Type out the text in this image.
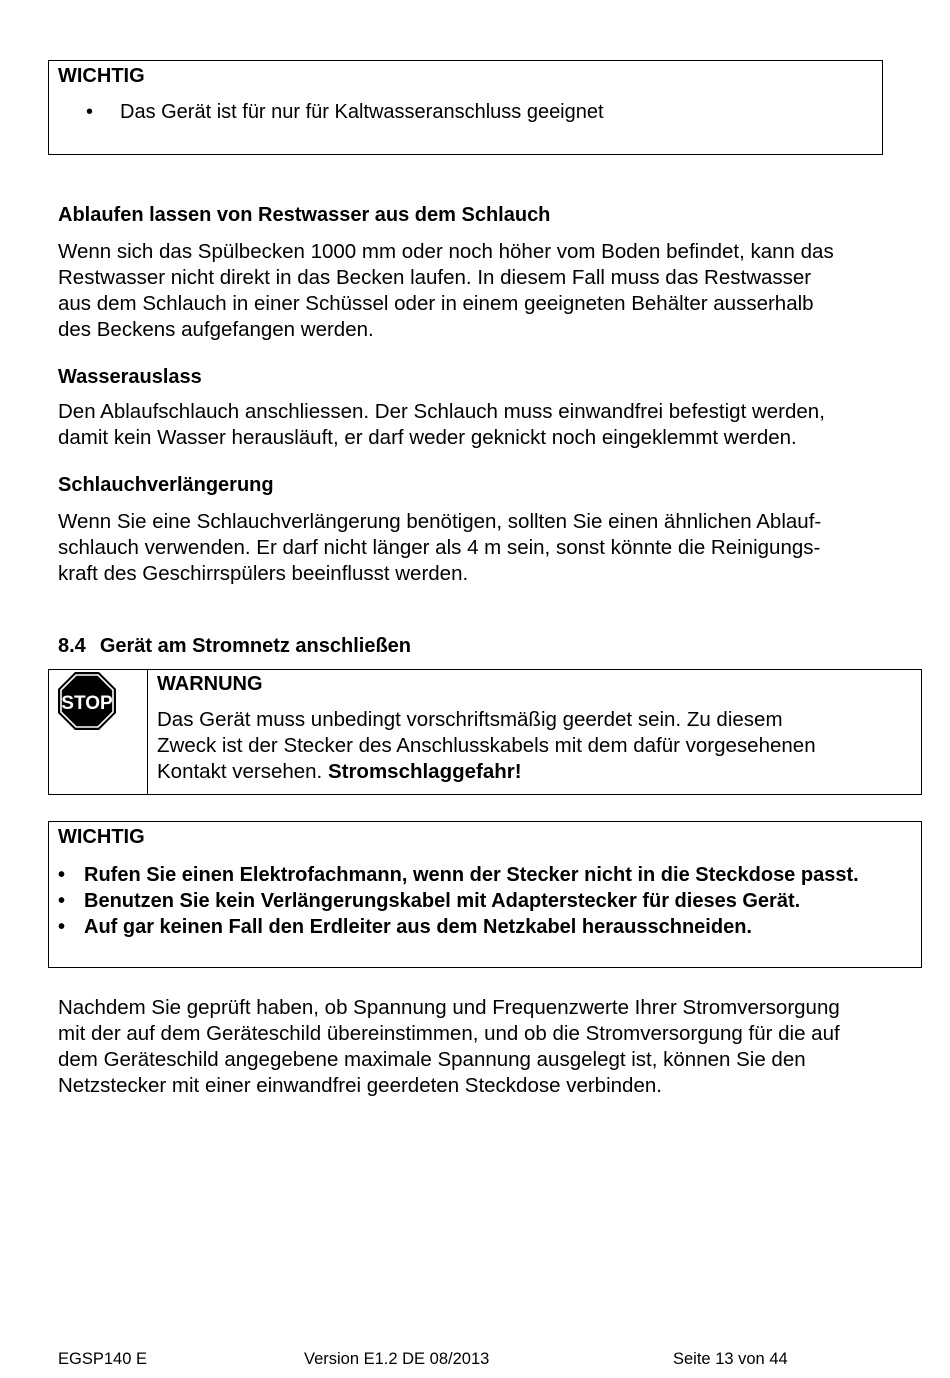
WICHTIG
• Das Gerät ist für nur für Kaltwasseranschluss geeignet
Ablaufen lassen von Restwasser aus dem Schlauch
Wenn sich das Spülbecken 1000 mm oder noch höher vom Boden befindet, kann das
Restwasser nicht direkt in das Becken laufen. In diesem Fall muss das Restwasser
aus dem Schlauch in einer Schüssel oder in einem geeigneten Behälter ausserhalb
des Beckens aufgefangen werden.
Wasserauslass
Den Ablaufschlauch anschliessen. Der Schlauch muss einwandfrei befestigt werden,
damit kein Wasser herausläuft, er darf weder geknickt noch eingeklemmt werden.
Schlauchverlängerung
Wenn Sie eine Schlauchverlängerung benötigen, sollten Sie einen ähnlichen Ablauf-
schlauch verwenden. Er darf nicht länger als 4 m sein, sonst könnte die Reinigungs-
kraft des Geschirrspülers beeinflusst werden.
8.4 Gerät am Stromnetz anschließen
STOP
WARNUNG
Das Gerät muss unbedingt vorschriftsmäßig geerdet sein. Zu diesem
Zweck ist der Stecker des Anschlusskabels mit dem dafür vorgesehenen
Kontakt versehen. Stromschlaggefahr!
WICHTIG
• Rufen Sie einen Elektrofachmann, wenn der Stecker nicht in die Steckdose passt.
• Benutzen Sie kein Verlängerungskabel mit Adapterstecker für dieses Gerät.
• Auf gar keinen Fall den Erdleiter aus dem Netzkabel herausschneiden.
Nachdem Sie geprüft haben, ob Spannung und Frequenzwerte Ihrer Stromversorgung
mit der auf dem Geräteschild übereinstimmen, und ob die Stromversorgung für die auf
dem Geräteschild angegebene maximale Spannung ausgelegt ist, können Sie den
Netzstecker mit einer einwandfrei geerdeten Steckdose verbinden.
EGSP140 E	Version E1.2 DE 08/2013	Seite 13 von 44
